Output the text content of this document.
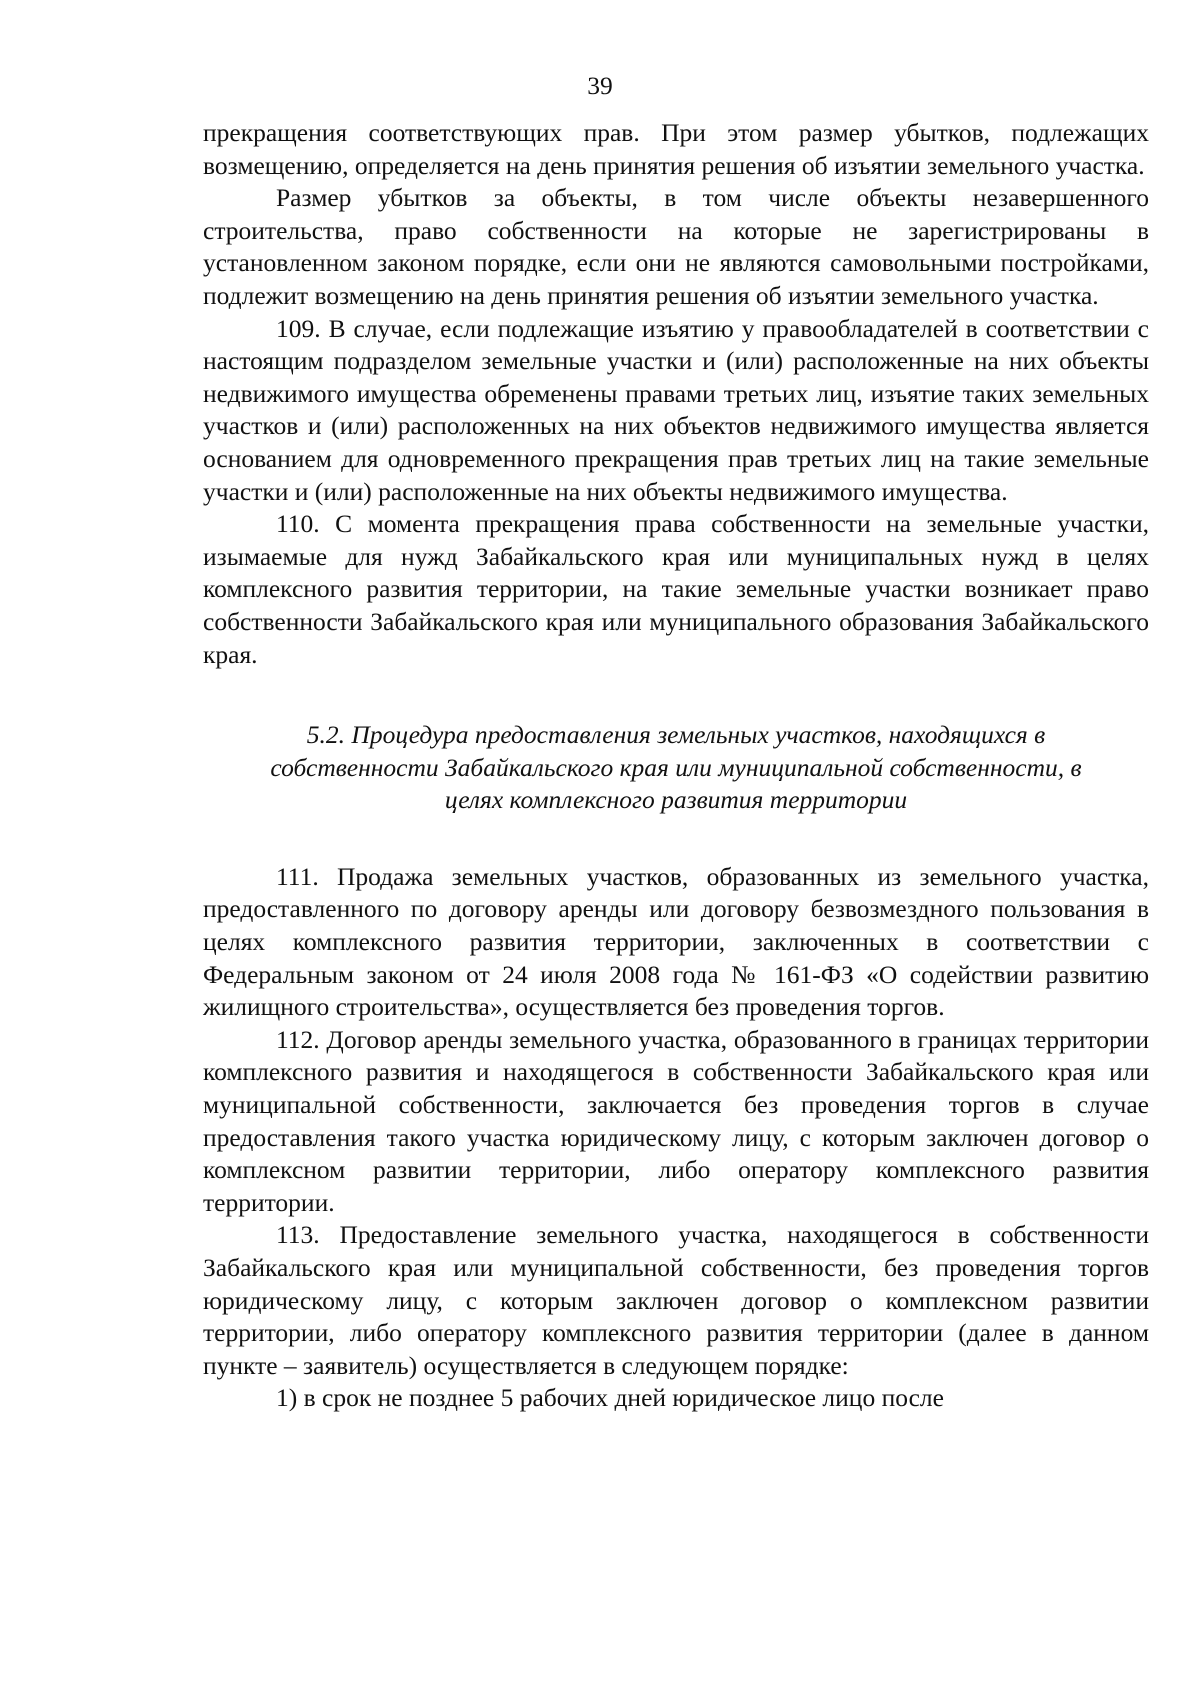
39

прекращения соответствующих прав. При этом размер убытков, подлежащих возмещению, определяется на день принятия решения об изъятии земельного участка.

Размер убытков за объекты, в том числе объекты незавершенного строительства, право собственности на которые не зарегистрированы в установленном законом порядке, если они не являются самовольными постройками, подлежит возмещению на день принятия решения об изъятии земельного участка.

109. В случае, если подлежащие изъятию у правообладателей в соответствии с настоящим подразделом земельные участки и (или) расположенные на них объекты недвижимого имущества обременены правами третьих лиц, изъятие таких земельных участков и (или) расположенных на них объектов недвижимого имущества является основанием для одновременного прекращения прав третьих лиц на такие земельные участки и (или) расположенные на них объекты недвижимого имущества.

110. С момента прекращения права собственности на земельные участки, изымаемые для нужд Забайкальского края или муниципальных нужд в целях комплексного развития территории, на такие земельные участки возникает право собственности Забайкальского края или муниципального образования Забайкальского края.

5.2. Процедура предоставления земельных участков, находящихся в
собственности Забайкальского края или муниципальной собственности, в
целях комплексного развития территории

111. Продажа земельных участков, образованных из земельного участка, предоставленного по договору аренды или договору безвозмездного пользования в целях комплексного развития территории, заключенных в соответствии с Федеральным законом от 24 июля 2008 года № 161-ФЗ «О содействии развитию жилищного строительства», осуществляется без проведения торгов.

112. Договор аренды земельного участка, образованного в границах территории комплексного развития и находящегося в собственности Забайкальского края или муниципальной собственности, заключается без проведения торгов в случае предоставления такого участка юридическому лицу, с которым заключен договор о комплексном развитии территории, либо оператору комплексного развития территории.

113. Предоставление земельного участка, находящегося в собственности Забайкальского края или муниципальной собственности, без проведения торгов юридическому лицу, с которым заключен договор о комплексном развитии территории, либо оператору комплексного развития территории (далее в данном пункте – заявитель) осуществляется в следующем порядке:

1) в срок не позднее 5 рабочих дней юридическое лицо после
